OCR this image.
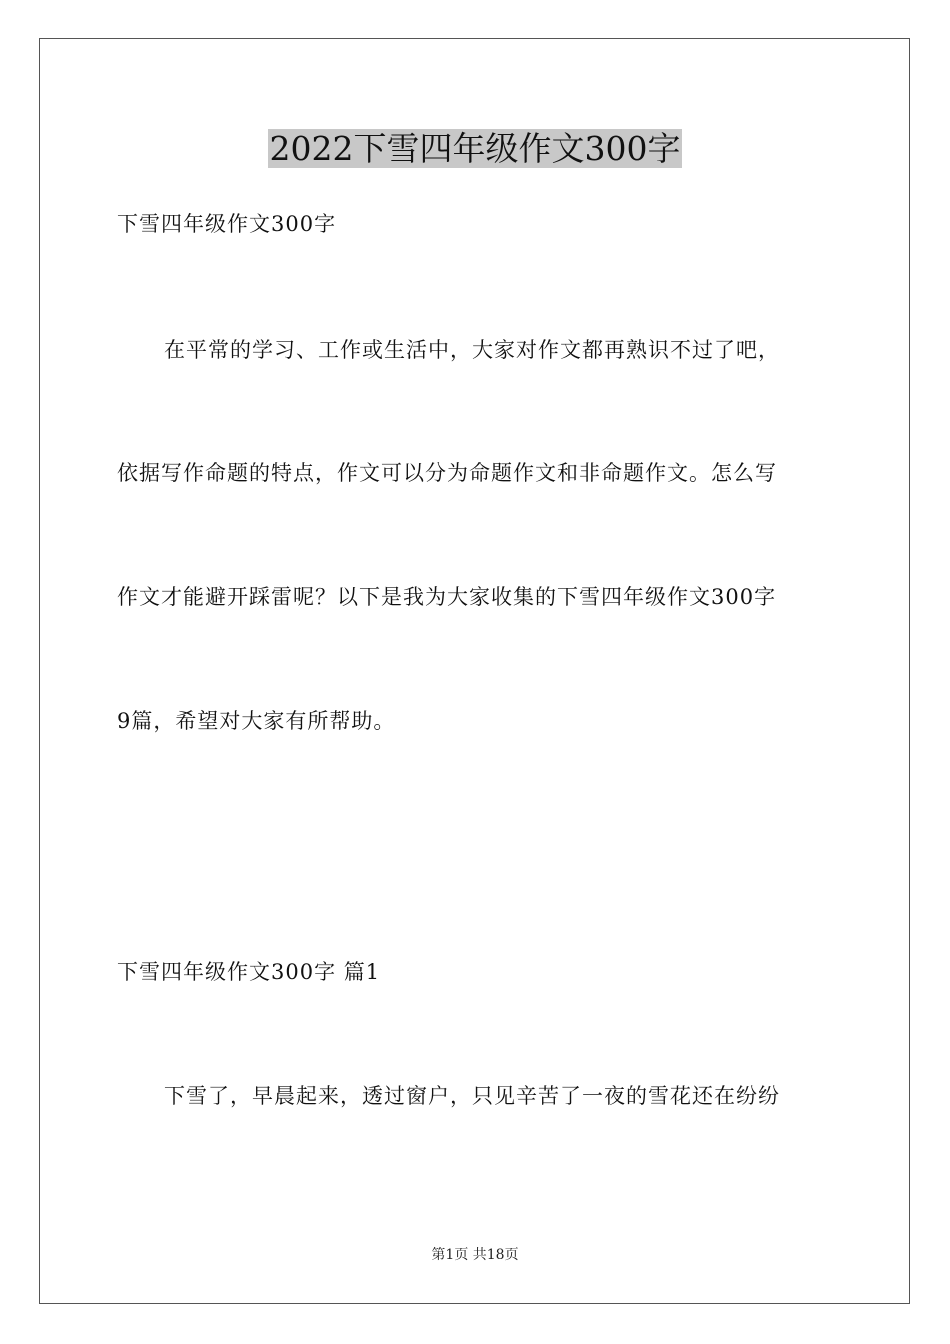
2022下雪四年级作文300字
下雪四年级作文300字
在平常的学习、工作或生活中，大家对作文都再熟识不过了吧，
依据写作命题的特点，作文可以分为命题作文和非命题作文。怎么写
作文才能避开踩雷呢？以下是我为大家收集的下雪四年级作文300字
9篇，希望对大家有所帮助。
下雪四年级作文300字 篇1
下雪了，早晨起来，透过窗户，只见辛苦了一夜的雪花还在纷纷
第1页 共18页
